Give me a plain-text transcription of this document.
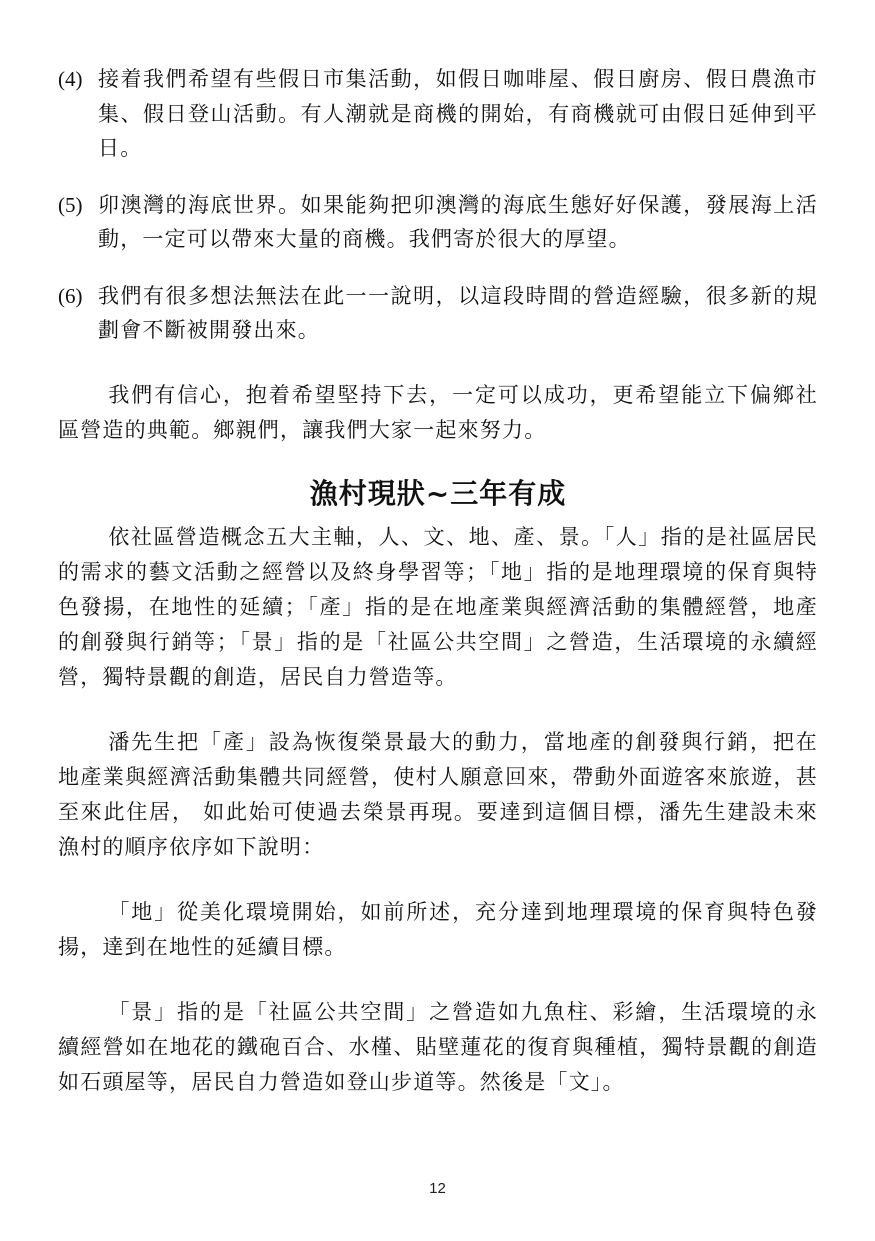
(4) 接着我們希望有些假日市集活動，如假日咖啡屋、假日廚房、假日農漁市集、假日登山活動。有人潮就是商機的開始，有商機就可由假日延伸到平日。
(5) 卯澳灣的海底世界。如果能夠把卯澳灣的海底生態好好保護，發展海上活動，一定可以帶來大量的商機。我們寄於很大的厚望。
(6) 我們有很多想法無法在此一一說明，以這段時間的營造經驗，很多新的規劃會不斷被開發出來。

我們有信心，抱着希望堅持下去，一定可以成功，更希望能立下偏鄉社區營造的典範。鄉親們，讓我們大家一起來努力。

漁村現狀~三年有成

依社區營造概念五大主軸，人、文、地、產、景。「人」指的是社區居民的需求的藝文活動之經營以及終身學習等；「地」指的是地理環境的保育與特色發揚，在地性的延續；「產」指的是在地產業與經濟活動的集體經營，地產的創發與行銷等；「景」指的是「社區公共空間」之營造，生活環境的永續經營，獨特景觀的創造，居民自力營造等。

潘先生把「產」設為恢復榮景最大的動力，當地產的創發與行銷，把在地產業與經濟活動集體共同經營，使村人願意回來，帶動外面遊客來旅遊，甚至來此住居， 如此始可使過去榮景再現。要達到這個目標，潘先生建設未來漁村的順序依序如下說明：

「地」從美化環境開始，如前所述，充分達到地理環境的保育與特色發揚，達到在地性的延續目標。

「景」指的是「社區公共空間」之營造如九魚柱、彩繪，生活環境的永續經營如在地花的鐵砲百合、水槿、貼壁蓮花的復育與種植，獨特景觀的創造如石頭屋等，居民自力營造如登山步道等。然後是「文」。

12
